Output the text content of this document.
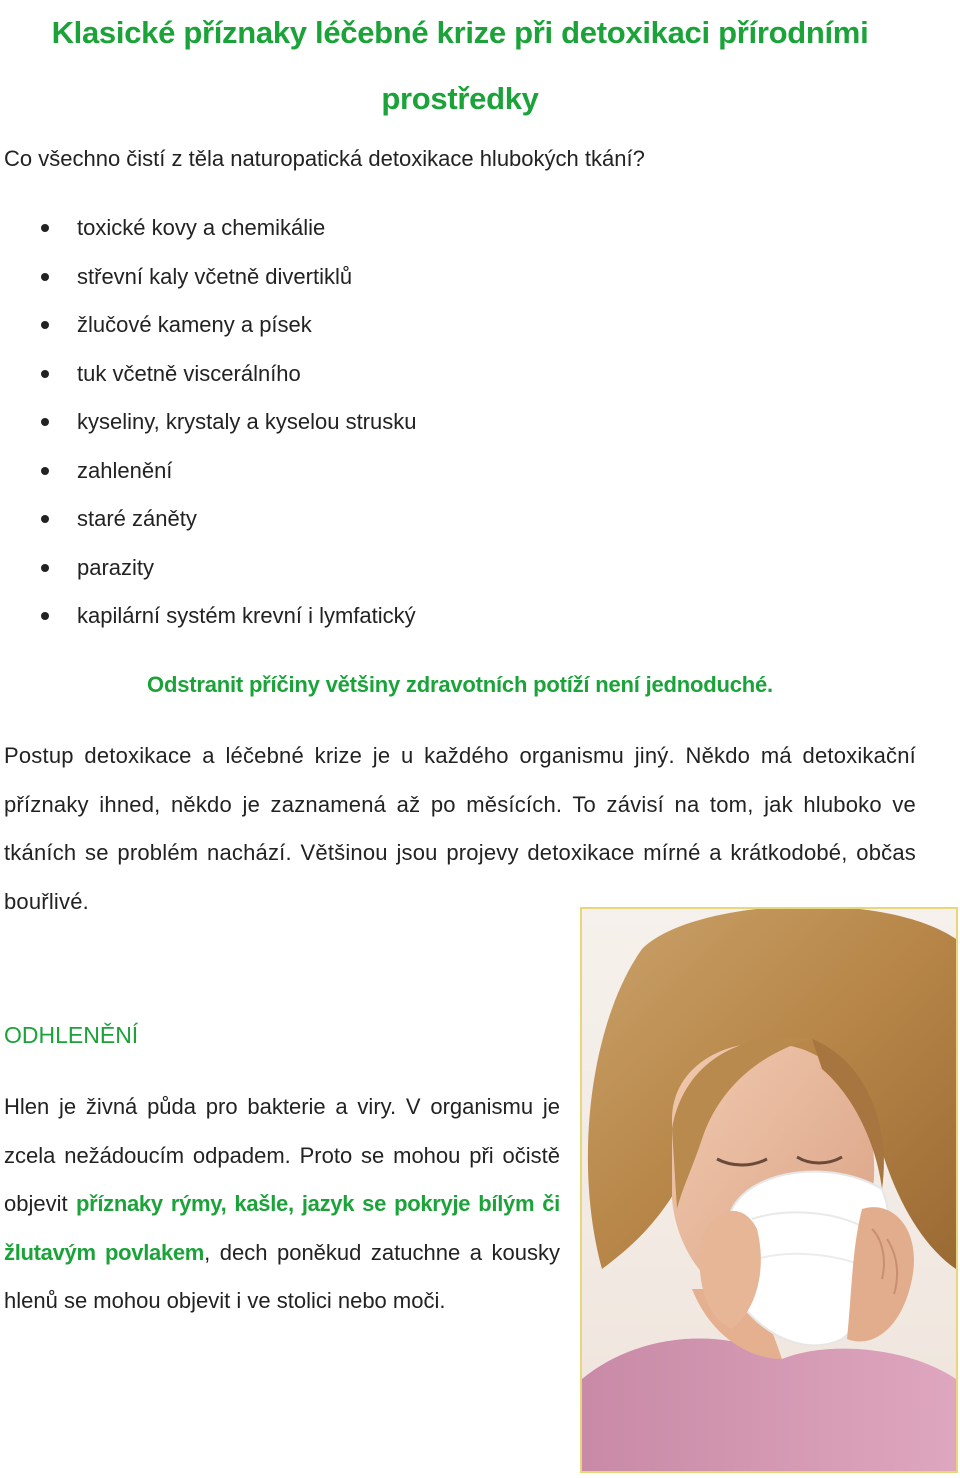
Klasické příznaky léčebné krize při detoxikaci přírodními
prostředky

Co všechno čistí z těla naturopatická detoxikace hlubokých tkání?

toxické kovy a chemikálie
střevní kaly včetně divertiklů
žlučové kameny a písek
tuk včetně viscerálního
kyseliny, krystaly a kyselou strusku
zahlenění
staré záněty
parazity
kapilární systém krevní i lymfatický

Odstranit příčiny většiny zdravotních potíží není jednoduché.

Postup detoxikace a léčebné krize je u každého organismu jiný. Někdo má detoxikační příznaky ihned, někdo je zaznamená až po měsících. To závisí na tom, jak hluboko ve tkáních se problém nachází. Většinou jsou projevy detoxikace mírné a krátkodobé, občas bouřlivé.

ODHLENĚNÍ

Hlen je živná půda pro bakterie a viry. V organismu je zcela nežádoucím odpadem. Proto se mohou při očistě objevit příznaky rýmy, kašle, jazyk se pokryje bílým či žlutavým povlakem, dech poněkud zatuchne a kousky hlenů se mohou objevit i ve stolici nebo moči.
